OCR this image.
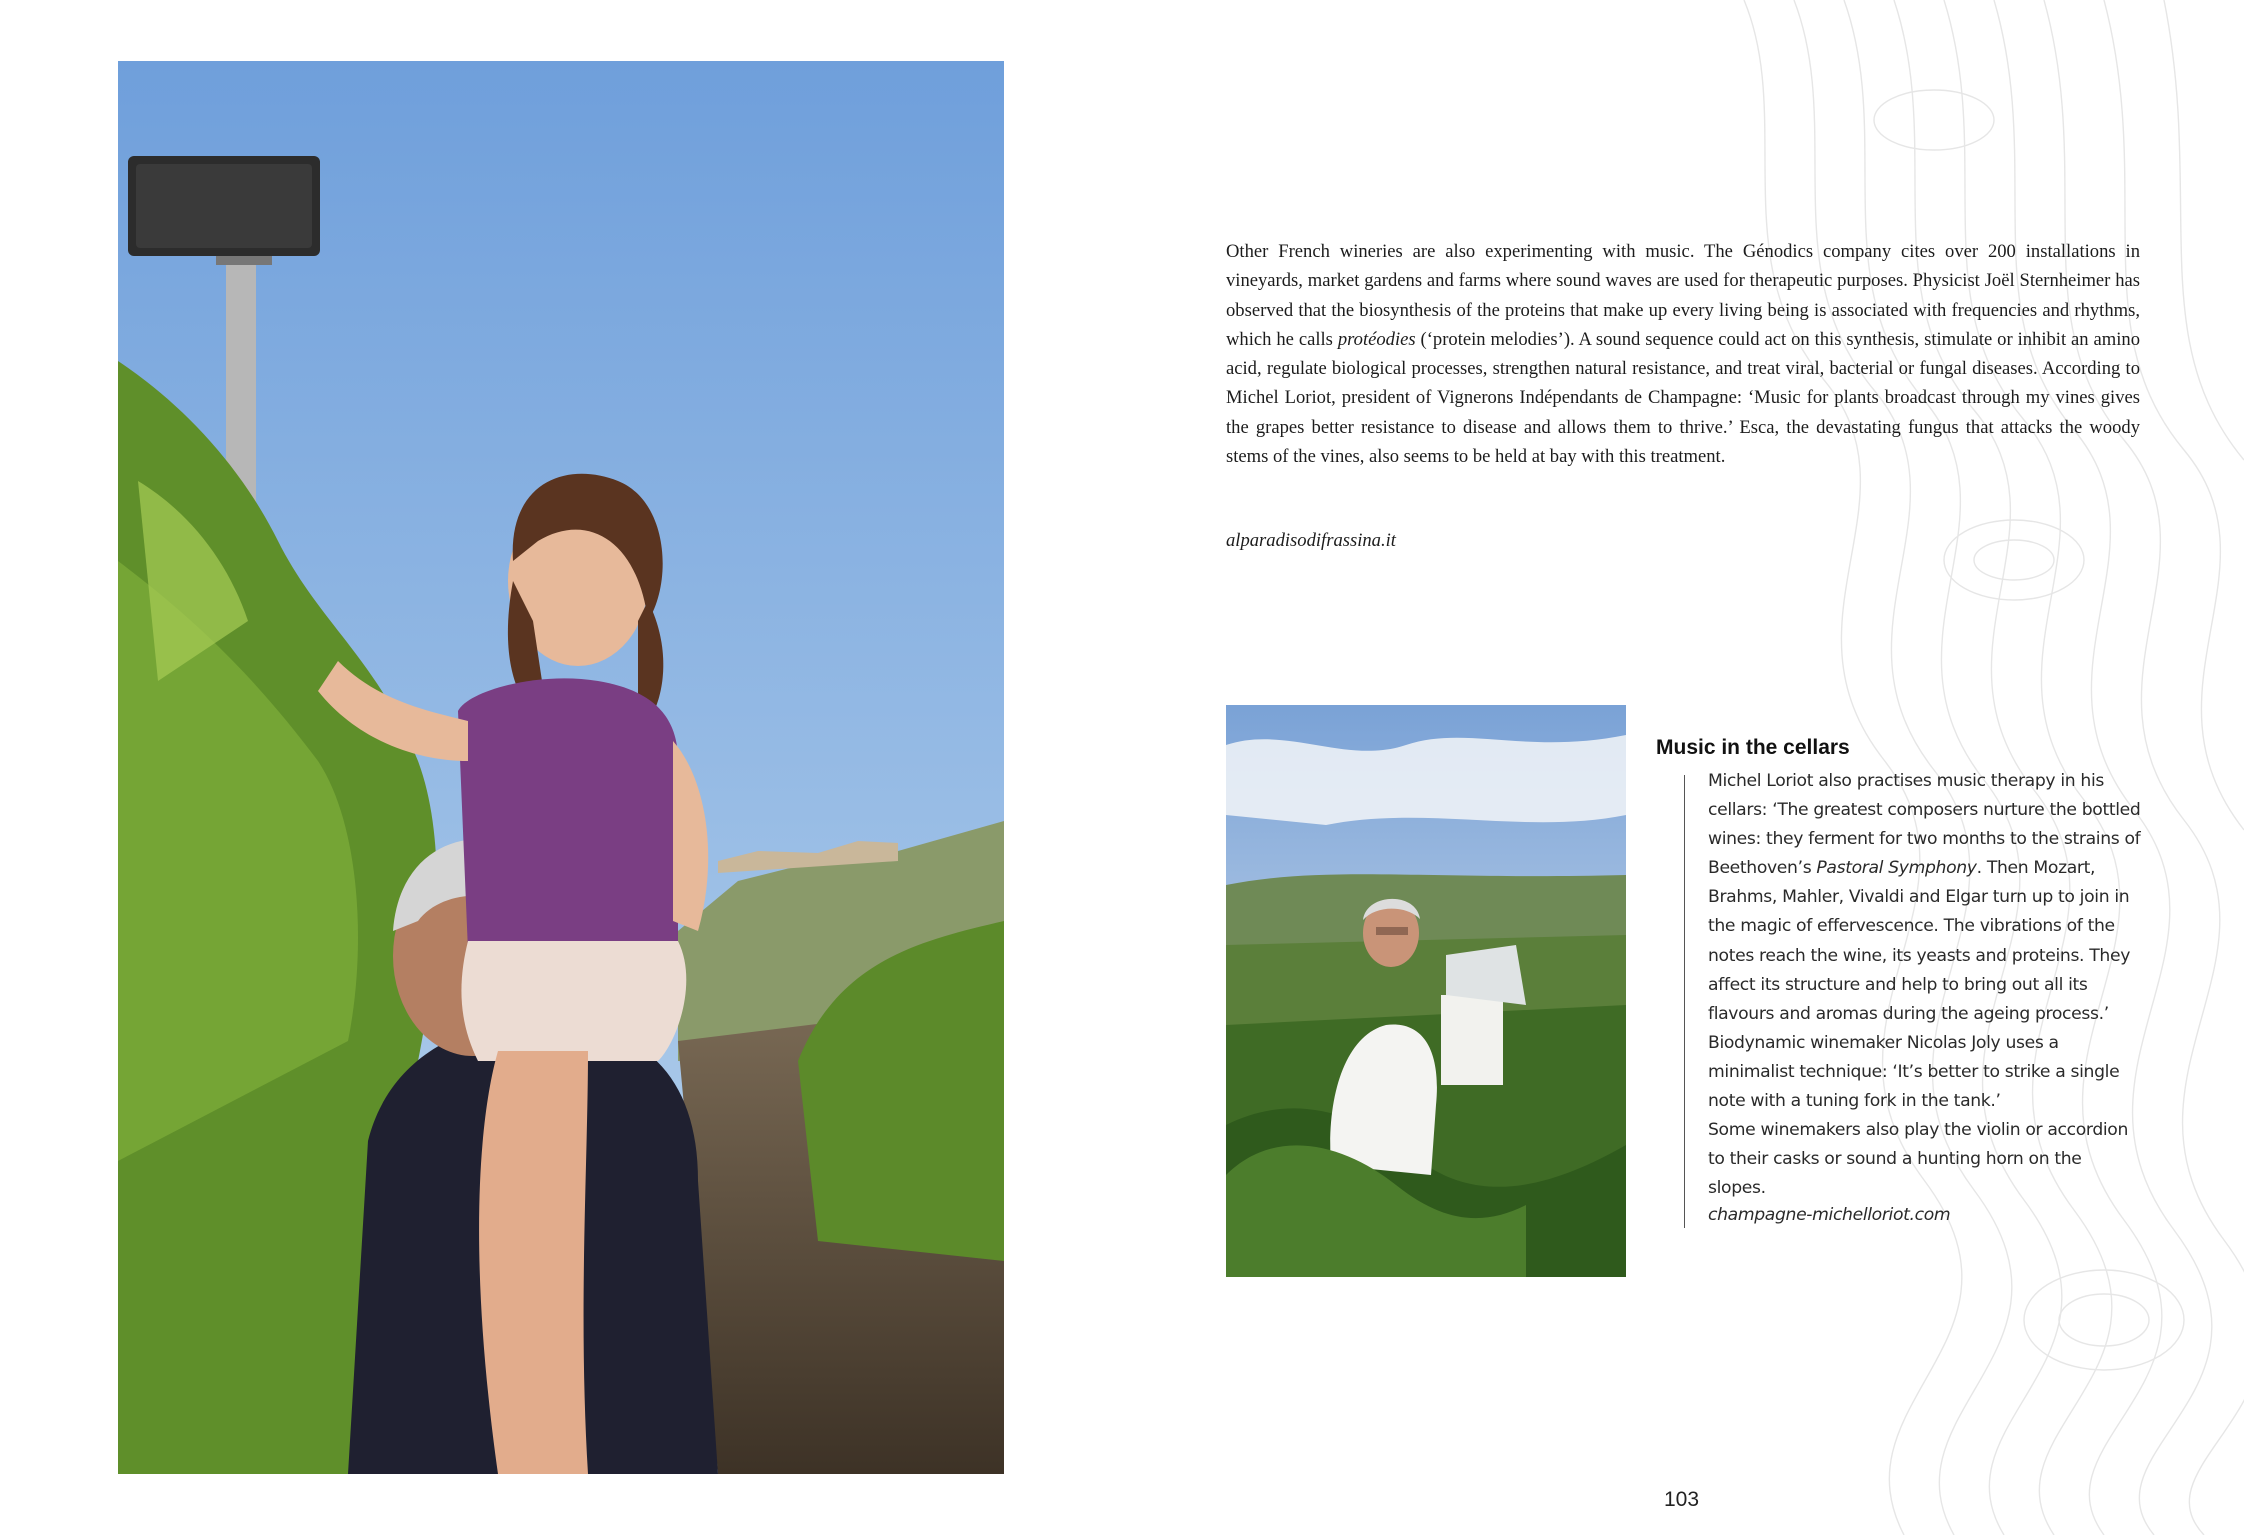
Other French wineries are also experimenting with music. The Génodics company cites over 200 installations in vineyards, market gardens and farms where sound waves are used for therapeutic purposes. Physicist Joël Sternheimer has observed that the biosynthesis of the proteins that make up every living being is associated with frequencies and rhythms, which he calls protéodies (‘protein melodies’). A sound sequence could act on this synthesis, stimulate or inhibit an amino acid, regulate biological processes, strengthen natural resistance, and treat viral, bacterial or fungal diseases. According to Michel Loriot, president of Vignerons Indépendants de Champagne: ‘Music for plants broadcast through my vines gives the grapes better resistance to disease and allows them to thrive.’ Esca, the devastating fungus that attacks the woody stems of the vines, also seems to be held at bay with this treatment.
alparadisodifrassina.it
Music in the cellars

Michel Loriot also practises music therapy in his cellars: ‘The greatest composers nurture the bottled wines: they ferment for two months to the strains of Beethoven’s Pastoral Symphony. Then Mozart, Brahms, Mahler, Vivaldi and Elgar turn up to join in the magic of effervescence. The vibrations of the notes reach the wine, its yeasts and proteins. They affect its structure and help to bring out all its flavours and aromas during the ageing process.’

Biodynamic winemaker Nicolas Joly uses a minimalist technique: ‘It’s better to strike a single note with a tuning fork in the tank.’

Some winemakers also play the violin or accordion to their casks or sound a hunting horn on the slopes.

champagne-michelloriot.com
103
